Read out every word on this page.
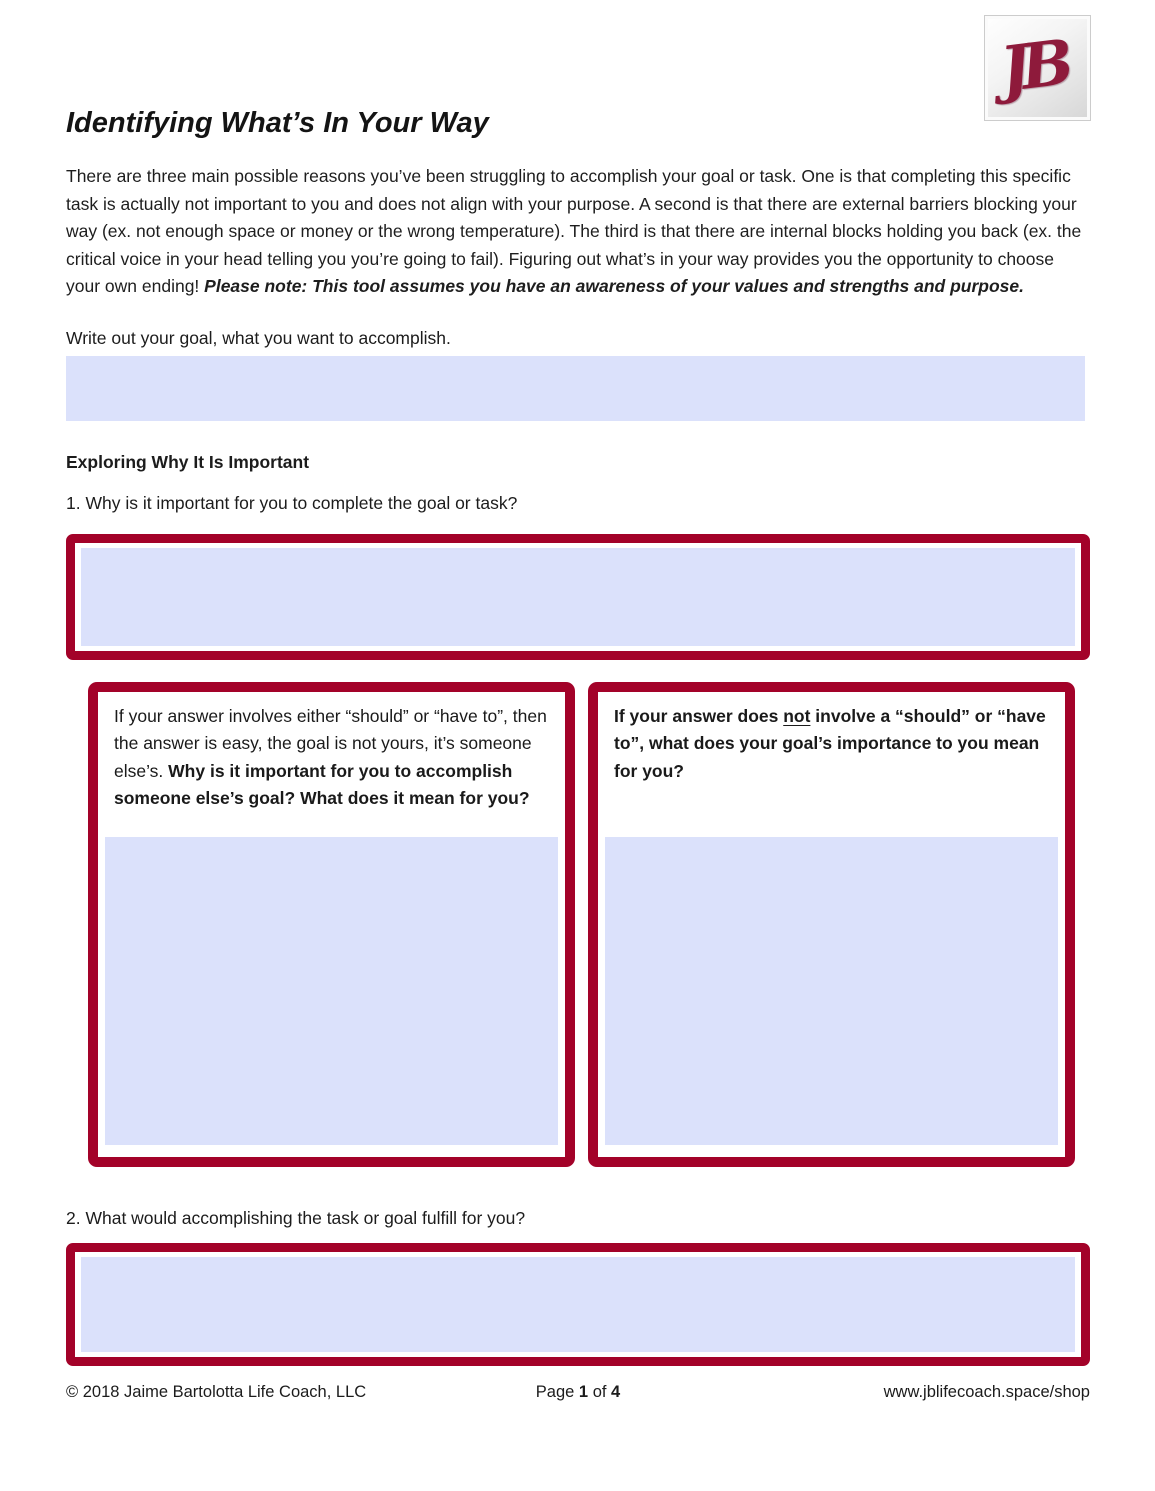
JB
Identifying What’s In Your Way

There are three main possible reasons you’ve been struggling to accomplish your goal or task. One is that completing this specific task is actually not important to you and does not align with your purpose. A second is that there are external barriers blocking your way (ex. not enough space or money or the wrong temperature). The third is that there are internal blocks holding you back (ex. the critical voice in your head telling you you’re going to fail). Figuring out what’s in your way provides you the opportunity to choose your own ending! Please note: This tool assumes you have an awareness of your values and strengths and purpose.

Write out your goal, what you want to accomplish.

Exploring Why It Is Important

1. Why is it important for you to complete the goal or task?

If your answer involves either “should” or “have to”, then the answer is easy, the goal is not yours, it’s someone else’s. Why is it important for you to accomplish someone else’s goal? What does it mean for you?

If your answer does not involve a “should” or “have to”, what does your goal’s importance to you mean for you?

2. What would accomplishing the task or goal fulfill for you?

© 2018 Jaime Bartolotta Life Coach, LLC	Page 1 of 4	www.jblifecoach.space/shop
